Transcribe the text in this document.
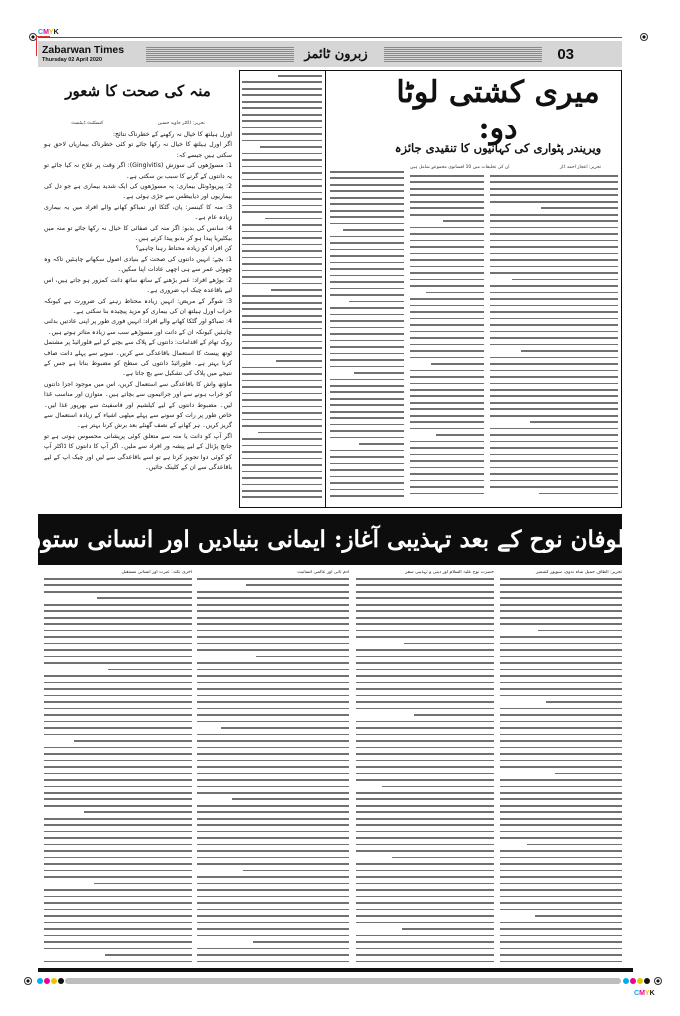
CMYK
Zabarwan Times
Thursday 02 April 2020	زبرون ٹائمز	03
منہ کی صحت کا شعور
تحریر: ڈاکٹر جاوید حسین
کنسلٹنٹ ڈینٹسٹ

اورل ہیلتھ کا خیال نہ رکھنے کے خطرناک نتائج:

اگر اورل ہیلتھ کا خیال نہ رکھا جائے تو کئی خطرناک بیماریاں لاحق ہو سکتی ہیں جیسے کہ:

1: مسوڑھوں کی سوزش (Gingivitis): اگر وقت پر علاج نہ کیا جائے تو یہ دانتوں کے گرنے کا سبب بن سکتی ہے۔

2: پیریوڈونٹل بیماری: یہ مسوڑھوں کی ایک شدید بیماری ہے جو دل کی بیماریوں اور ذیابیطس سے جڑی ہوئی ہے۔

3: منہ کا کینسر: پان، گٹکا اور تمباکو کھانے والے افراد میں یہ بیماری زیادہ عام ہے۔

4: سانس کی بدبو: اگر منہ کی صفائی کا خیال نہ رکھا جائے تو منہ میں بیکٹیریا پیدا ہو کر بدبو پیدا کرتے ہیں۔

کن افراد کو زیادہ محتاط رہنا چاہیے؟

1: بچے: انہیں دانتوں کی صحت کے بنیادی اصول سکھانے چاہئیں تاکہ وہ چھوٹی عمر سے ہی اچھی عادات اپنا سکیں۔

2: بوڑھے افراد: عمر بڑھنے کے ساتھ ساتھ دانت کمزور ہو جاتے ہیں، اس لیے باقاعدہ چیک اپ ضروری ہے۔

3: شوگر کے مریض: انہیں زیادہ محتاط رہنے کی ضرورت ہے کیونکہ خراب اورل ہیلتھ ان کی بیماری کو مزید پیچیدہ بنا سکتی ہے۔

4: تمباکو اور گٹکا کھانے والے افراد: انہیں فوری طور پر اپنی عادتیں بدلنی چاہئیں کیونکہ ان کے دانت اور مسوڑھے سب سے زیادہ متاثر ہوتے ہیں۔

روک تھام کے اقدامات: دانتوں کے پلاک سے بچنے کے لیے فلورائیڈ پر مشتمل ٹوتھ پیسٹ کا استعمال باقاعدگی سے کریں۔ سونے سے پہلے دانت صاف کرنا بہتر ہے۔ فلورائیڈ دانتوں کی سطح کو مضبوط بناتا ہے جس کے نتیجے میں پلاک کی تشکیل سے بچ جاتا ہے۔

ماؤتھ واش کا باقاعدگی سے استعمال کریں، اس میں موجود اجزا دانتوں کو خراب ہونے سے اور جراثیموں سے بچاتے ہیں۔ متوازن اور مناسب غذا لیں۔ مضبوط دانتوں کے لیے کیلشیم اور فاسفیٹ سے بھرپور غذا لیں۔ خاص طور پر رات کو سونے سے پہلے میٹھی اشیاء کے زیادہ استعمال سے گریز کریں۔ ہر کھانے کے نصف گھنٹے بعد برش کرنا بہتر ہے۔

اگر آپ کو دانت یا منہ سے متعلق کوئی پریشانی محسوس ہوتی ہے تو جانچ پڑتال کے لیے پیشہ ور افراد سے ملیں۔ اگر آپ کا دانتوں کا ڈاکٹر آپ کو کوئی دوا تجویز کرتا ہے تو اسے باقاعدگی سے لیں اور چیک اپ کے لیے باقاعدگی سے ان کے کلینک جائیں۔

میری کشتی لوٹا دو:
ویریندر پٹواری کی کہانیوں کا تنقیدی جائزہ
تحریر: اعجاز احمد ڈار
ان کی تخلیقات میں 10 افسانوی مجموعے شامل ہیں
طوفان نوح کے بعد تہذیبی آغاز: ایمانی بنیادیں اور انسانی ستون
تحریر: الطاف جمیل شاہ ندوی، سوپور کشمیر
حضرت نوح علیہ السلام اور دینی و تہذیبی سفر
آدم ثانی اور عالمی انسانیت
آخری نکتہ: عبرت اور انسانی مستقبل
CMYK
